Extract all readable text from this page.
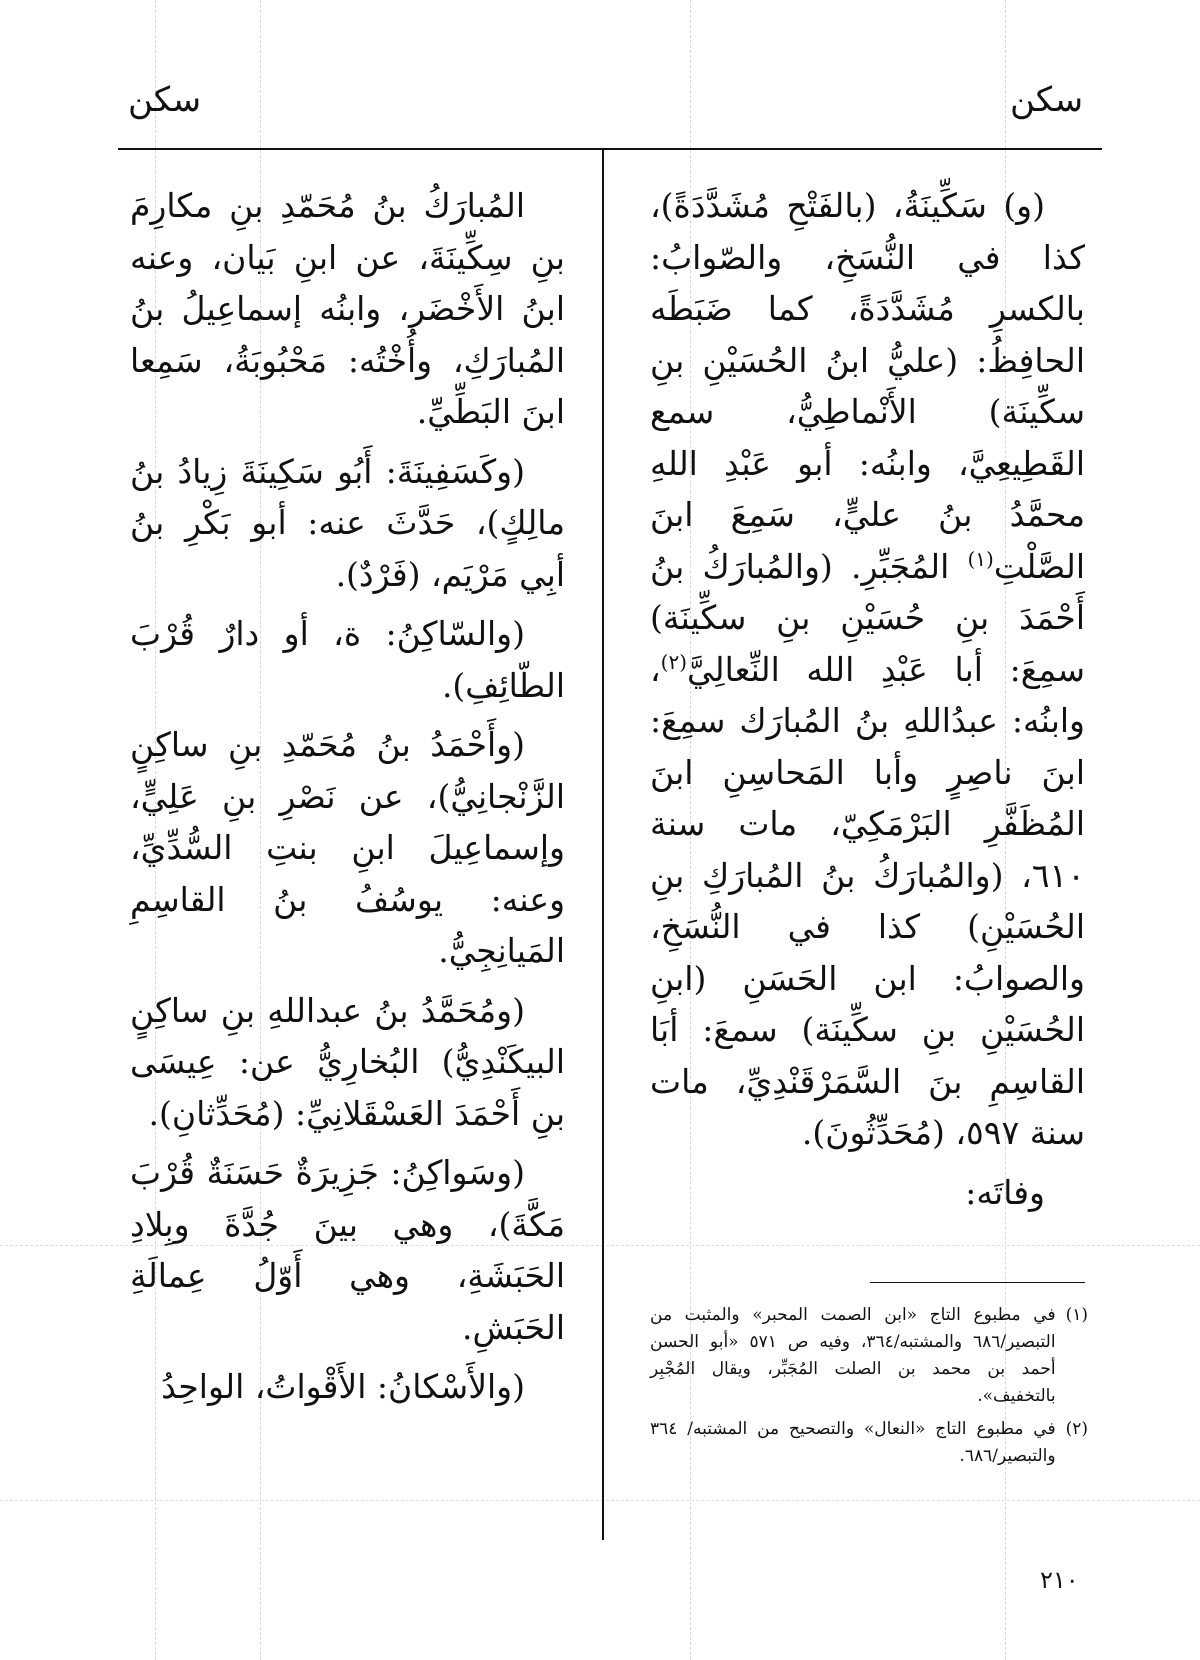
سكن	سكن

(و) سَكِّينَةُ، (بالفَتْحِ مُشَدَّدَةً)، كذا في النُّسَخِ، والصّوابُ: بالكسرِ مُشَدَّدَةً، كما ضَبَطَه الحافِظُ: (عليُّ ابنُ الحُسَيْنِ بنِ سكِّينَة) الأَنْماطِيُّ، سمع القَطِيعِيَّ، وابنُه: أبو عَبْدِ اللهِ محمَّدُ بنُ عليٍّ، سَمِعَ ابنَ الصَّلْتِ$^{(١)}$ المُجَبِّرِ. (والمُبارَكُ بنُ أَحْمَدَ بنِ حُسَيْنِ بنِ سكِّينَة) سمِعَ: أبا عَبْدِ الله النِّعالِيَّ$^{(٢)}$، وابنُه: عبدُاللهِ بنُ المُبارَك سمِعَ: ابنَ ناصِرٍ وأبا المَحاسِنِ ابنَ المُظَفَّرِ البَرْمَكِيّ، مات سنة ٦١٠، (والمُبارَكُ بنُ المُبارَكِ بنِ الحُسَيْنِ) كذا في النُّسَخِ، والصوابُ: ابن الحَسَنِ (ابنِ الحُسَيْنِ بنِ سكِّينَة) سمعَ: أبَا القاسِمِ بنَ السَّمَرْقَنْدِيِّ، مات سنة ٥٩٧، (مُحَدِّثُونَ).

وفاتَه:

المُبارَكُ بنُ مُحَمّدِ بنِ مكارِمَ بنِ سِكِّينَةَ، عن ابنِ بَيان، وعنه ابنُ الأَخْضَر، وابنُه إسماعِيلُ بنُ المُبارَكِ، وأُخْتُه: مَحْبُوبَةُ، سَمِعا ابنَ البَطِّيِّ.

(وكَسَفِينَةَ: أَبُو سَكِينَةَ زِيادُ بنُ مالِكٍ)، حَدَّثَ عنه: أبو بَكْرِ بنُ أبِي مَرْيَم، (فَرْدٌ).

(والسّاكِنُ: ة، أو دارٌ قُرْبَ الطّائِفِ).

(وأَحْمَدُ بنُ مُحَمّدِ بنِ ساكِنٍ الزَّنْجانِيُّ)، عن نَصْرِ بنِ عَلِيٍّ، وإسماعِيلَ ابنِ بنتِ السُّدِّيِّ، وعنه: يوسُفُ بنُ القاسِمِ المَيانِجِيُّ.

(ومُحَمَّدُ بنُ عبداللهِ بنِ ساكِنٍ البيكَنْدِيُّ) البُخارِيُّ عن: عِيسَى بنِ أَحْمَدَ العَسْقَلانِيِّ: (مُحَدِّثانِ).

(وسَواكِنُ: جَزِيرَةٌ حَسَنَةٌ قُرْبَ مَكَّةَ)، وهي بينَ جُدَّةَ وبِلادِ الحَبَشَةِ، وهي أَوّلُ عِمالَةِ الحَبَشِ.

(والأَسْكانُ: الأَقْواتُ، الواحِدُ

(١)
في مطبوع التاج «ابن الصمت المحبر» والمثبت من التبصير/٦٨٦ والمشتبه/٣٦٤، وفيه ص ٥٧١ «أبو الحسن أحمد بن محمد بن الصلت المُجَبِّر، ويقال المُجْبِر بالتخفيف».
(٢)
في مطبوع التاج «النعال» والتصحيح من المشتبه/ ٣٦٤ والتبصير/٦٨٦.
٢١٠
